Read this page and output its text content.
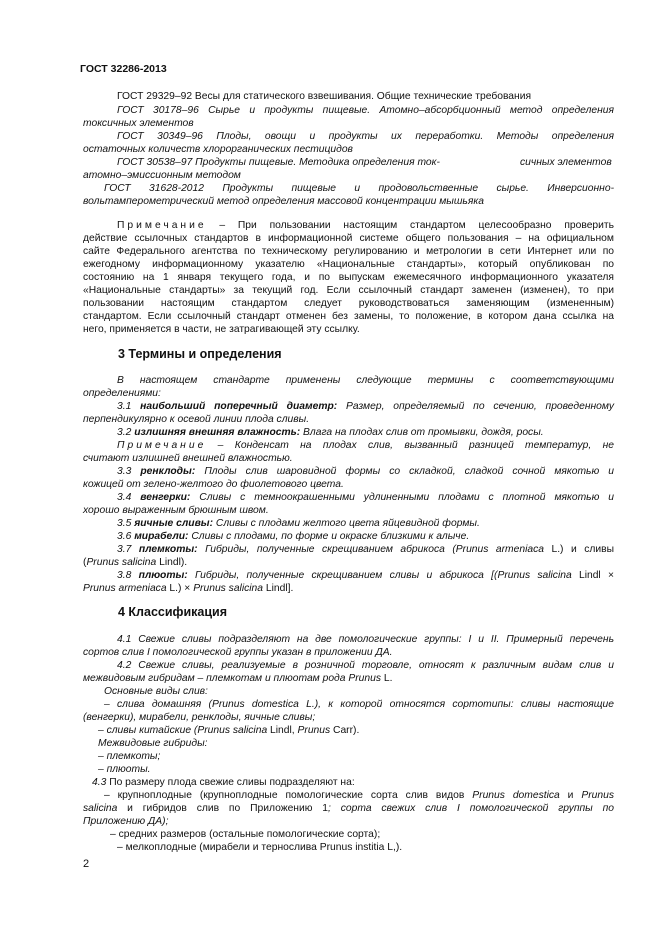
ГОСТ 32286-2013
ГОСТ 29329–92 Весы для статического взвешивания. Общие технические требования
ГОСТ 30178–96 Сырье и продукты пищевые. Атомно–абсорбционный метод определения
токсичных элементов
ГОСТ 30349–96 Плоды, овощи и продукты их переработки. Методы определения
остаточных количеств хлорорганических пестицидов
ГОСТ 30538–97 Продукты пищевые. Методика определения ток-	сичных элементов
атомно–эмиссионным методом
ГОСТ 31628-2012 Продукты пищевые и продовольственные сырье. Инверсионно-
вольтамперометрический метод определения массовой концентрации мышьяка
Примечание – При пользовании настоящим стандартом целесообразно проверить
действие ссылочных стандартов в информационной системе общего пользования – на официальном
сайте Федерального агентства по техническому регулированию и метрологии в сети Интернет или по
ежегодному информационному указателю «Национальные стандарты», который опубликован по
состоянию на 1 января текущего года, и по выпускам ежемесячного информационного указателя
«Национальные стандарты» за текущий год. Если ссылочный стандарт заменен (изменен), то при
пользовании настоящим стандартом следует руководствоваться заменяющим (измененным)
стандартом. Если ссылочный стандарт отменен без замены, то положение, в котором дана ссылка на
него, применяется в части, не затрагивающей эту ссылку.
3 Термины и определения
В настоящем стандарте применены следующие термины с соответствующими
определениями:
3.1 наибольший поперечный диаметр: Размер, определяемый по сечению, проведенному
перпендикулярно к осевой линии плода сливы.
3.2 излишняя внешняя влажность: Влага на плодах слив от промывки, дождя, росы.
Примечание – Конденсат на плодах слив, вызванный разницей температур, не
считают излишней внешней влажностью.
3.3 ренклоды: Плоды слив шаровидной формы со складкой, сладкой сочной мякотью и
кожицей от зелено-желтого до фиолетового цвета.
3.4 венгерки: Сливы с темноокрашенными удлиненными плодами с плотной мякотью и
хорошо выраженным брюшным швом.
3.5 яичные сливы: Сливы с плодами желтого цвета яйцевидной формы.
3.6 мирабели: Сливы с плодами, по форме и окраске близкими к алыче.
3.7 племкоты: Гибриды, полученные скрещиванием абрикоса (Prunus armeniaca L.) и сливы
(Prunus salicina Lindl).
3.8 плюоты: Гибриды, полученные скрещиванием сливы и абрикоса [(Prunus salicina Lindl ×
Prunus armeniaca L.) × Prunus salicina Lindl].
4 Классификация
4.1 Свежие сливы подразделяют на две помологические группы: I и II. Примерный перечень
сортов слив I помологической группы указан в приложении ДА.
4.2 Свежие сливы, реализуемые в розничной торговле, относят к различным видам слив и
межвидовым гибридам – племкотам и плюотам рода Prunus L.
Основные виды слив:
– слива домашняя (Prunus domestica L.), к которой относятся сортотипы: сливы настоящие
(венгерки), мирабели, ренклоды, яичные сливы;
– сливы китайские (Prunus salicina Lindl, Prunus Carr).
Межвидовые гибриды:
– племкоты;
– плюоты.
4.3 По размеру плода свежие сливы подразделяют на:
– крупноплодные (крупноплодные помологические сорта слив видов Prunus domestica и Prunus
salicina и гибридов слив по Приложению 1; сорта свежих слив I помологической группы по
Приложению ДА);
– средних размеров (остальные помологические сорта);
– мелкоплодные (мирабели и тернослива Prunus institia L,).
2
